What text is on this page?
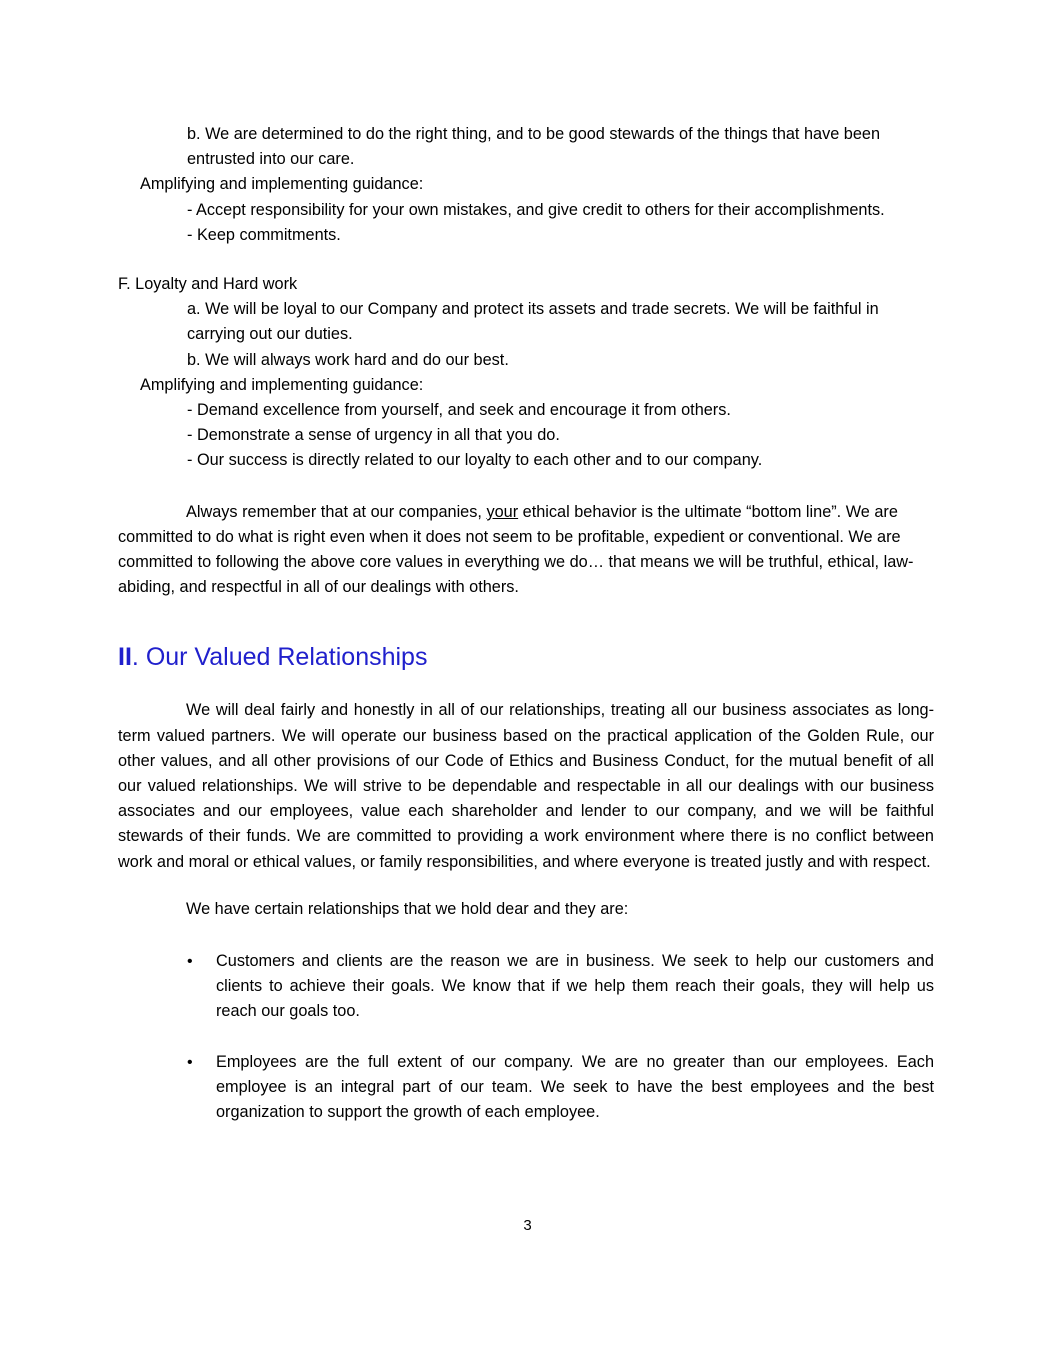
b. We are determined to do the right thing, and to be good stewards of the things that have been entrusted into our care.
Amplifying and implementing guidance:
- Accept responsibility for your own mistakes, and give credit to others for their accomplishments.
- Keep commitments.
F. Loyalty and Hard work
a. We will be loyal to our Company and protect its assets and trade secrets. We will be faithful in carrying out our duties.
b. We will always work hard and do our best.
Amplifying and implementing guidance:
- Demand excellence from yourself, and seek and encourage it from others.
- Demonstrate a sense of urgency in all that you do.
- Our success is directly related to our loyalty to each other and to our company.

Always remember that at our companies, your ethical behavior is the ultimate “bottom line”. We are committed to do what is right even when it does not seem to be profitable, expedient or conventional. We are committed to following the above core values in everything we do… that means we will be truthful, ethical, law-abiding, and respectful in all of our dealings with others.

II. Our Valued Relationships

We will deal fairly and honestly in all of our relationships, treating all our business associates as long-term valued partners. We will operate our business based on the practical application of the Golden Rule, our other values, and all other provisions of our Code of Ethics and Business Conduct, for the mutual benefit of all our valued relationships. We will strive to be dependable and respectable in all our dealings with our business associates and our employees, value each shareholder and lender to our company, and we will be faithful stewards of their funds. We are committed to providing a work environment where there is no conflict between work and moral or ethical values, or family responsibilities, and where everyone is treated justly and with respect.

We have certain relationships that we hold dear and they are:

• Customers and clients are the reason we are in business. We seek to help our customers and clients to achieve their goals. We know that if we help them reach their goals, they will help us reach our goals too.
• Employees are the full extent of our company. We are no greater than our employees. Each employee is an integral part of our team. We seek to have the best employees and the best organization to support the growth of each employee.
3
